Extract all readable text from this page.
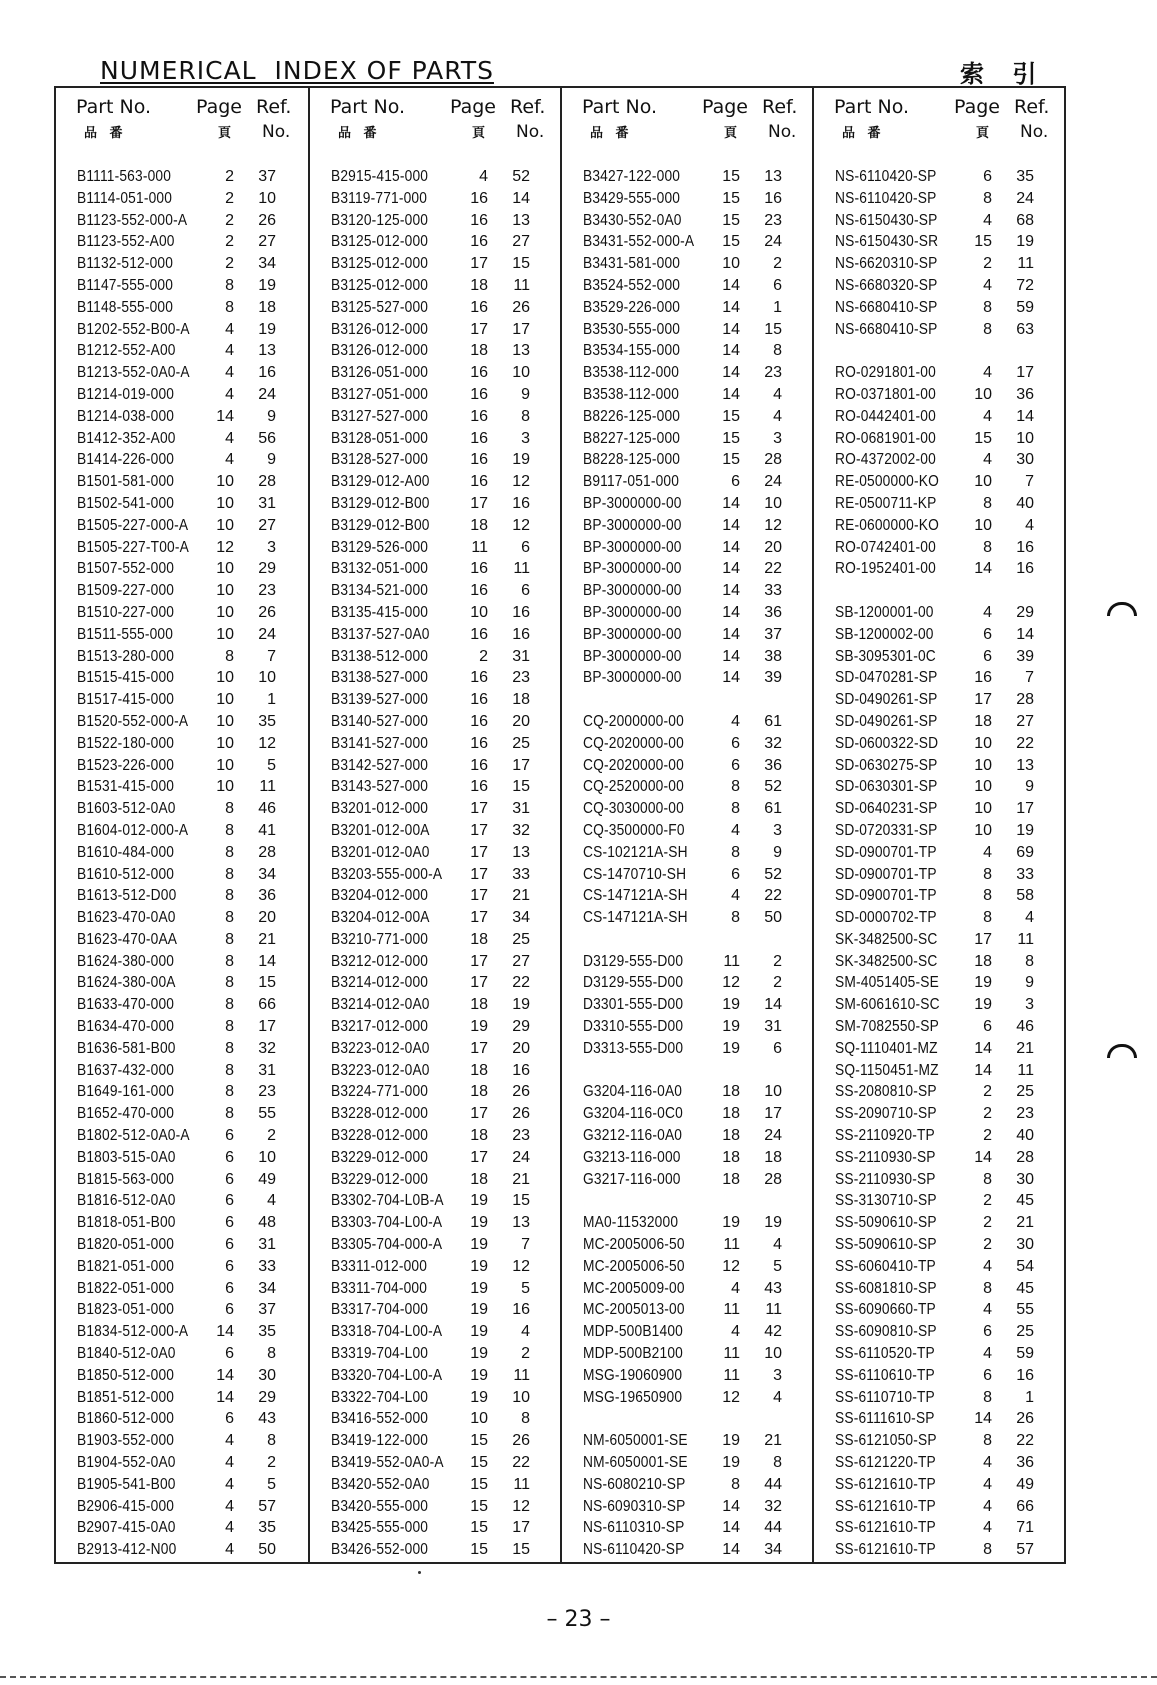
NUMERICAL  INDEX OF PARTS	索 引
Part No. Page Ref.
品 番	頁 No.
B1111-563-000	2	37
B1114-051-000	2	10
B1123-552-000-A	2	26
B1123-552-A00	2	27
B1132-512-000	2	34
B1147-555-000	8	19
B1148-555-000	8	18
B1202-552-B00-A	4	19
B1212-552-A00	4	13
B1213-552-0A0-A	4	16
B1214-019-000	4	24
B1214-038-000	14	9
B1412-352-A00	4	56
B1414-226-000	4	9
B1501-581-000	10	28
B1502-541-000	10	31
B1505-227-000-A	10	27
B1505-227-T00-A	12	3
B1507-552-000	10	29
B1509-227-000	10	23
B1510-227-000	10	26
B1511-555-000	10	24
B1513-280-000	8	7
B1515-415-000	10	10
B1517-415-000	10	1
B1520-552-000-A	10	35
B1522-180-000	10	12
B1523-226-000	10	5
B1531-415-000	10	11
B1603-512-0A0	8	46
B1604-012-000-A	8	41
B1610-484-000	8	28
B1610-512-000	8	34
B1613-512-D00	8	36
B1623-470-0A0	8	20
B1623-470-0AA	8	21
B1624-380-000	8	14
B1624-380-00A	8	15
B1633-470-000	8	66
B1634-470-000	8	17
B1636-581-B00	8	32
B1637-432-000	8	31
B1649-161-000	8	23
B1652-470-000	8	55
B1802-512-0A0-A	6	2
B1803-515-0A0	6	10
B1815-563-000	6	49
B1816-512-0A0	6	4
B1818-051-B00	6	48
B1820-051-000	6	31
B1821-051-000	6	33
B1822-051-000	6	34
B1823-051-000	6	37
B1834-512-000-A	14	35
B1840-512-0A0	6	8
B1850-512-000	14	30
B1851-512-000	14	29
B1860-512-000	6	43
B1903-552-000	4	8
B1904-552-0A0	4	2
B1905-541-B00	4	5
B2906-415-000	4	57
B2907-415-0A0	4	35
B2913-412-N00	4	50
Part No. Page Ref.
品 番	頁 No.
B2915-415-000	4	52
B3119-771-000	16	14
B3120-125-000	16	13
B3125-012-000	16	27
B3125-012-000	17	15
B3125-012-000	18	11
B3125-527-000	16	26
B3126-012-000	17	17
B3126-012-000	18	13
B3126-051-000	16	10
B3127-051-000	16	9
B3127-527-000	16	8
B3128-051-000	16	3
B3128-527-000	16	19
B3129-012-A00	16	12
B3129-012-B00	17	16
B3129-012-B00	18	12
B3129-526-000	11	6
B3132-051-000	16	11
B3134-521-000	16	6
B3135-415-000	10	16
B3137-527-0A0	16	16
B3138-512-000	2	31
B3138-527-000	16	23
B3139-527-000	16	18
B3140-527-000	16	20
B3141-527-000	16	25
B3142-527-000	16	17
B3143-527-000	16	15
B3201-012-000	17	31
B3201-012-00A	17	32
B3201-012-0A0	17	13
B3203-555-000-A	17	33
B3204-012-000	17	21
B3204-012-00A	17	34
B3210-771-000	18	25
B3212-012-000	17	27
B3214-012-000	17	22
B3214-012-0A0	18	19
B3217-012-000	19	29
B3223-012-0A0	17	20
B3223-012-0A0	18	16
B3224-771-000	18	26
B3228-012-000	17	26
B3228-012-000	18	23
B3229-012-000	17	24
B3229-012-000	18	21
B3302-704-L0B-A	19	15
B3303-704-L00-A	19	13
B3305-704-000-A	19	7
B3311-012-000	19	12
B3311-704-000	19	5
B3317-704-000	19	16
B3318-704-L00-A	19	4
B3319-704-L00	19	2
B3320-704-L00-A	19	11
B3322-704-L00	19	10
B3416-552-000	10	8
B3419-122-000	15	26
B3419-552-0A0-A	15	22
B3420-552-0A0	15	11
B3420-555-000	15	12
B3425-555-000	15	17
B3426-552-000	15	15
Part No. Page Ref.
品 番	頁 No.
B3427-122-000	15	13
B3429-555-000	15	16
B3430-552-0A0	15	23
B3431-552-000-A	15	24
B3431-581-000	10	2
B3524-552-000	14	6
B3529-226-000	14	1
B3530-555-000	14	15
B3534-155-000	14	8
B3538-112-000	14	23
B3538-112-000	14	4
B8226-125-000	15	4
B8227-125-000	15	3
B8228-125-000	15	28
B9117-051-000	6	24
BP-3000000-00	14	10
BP-3000000-00	14	12
BP-3000000-00	14	20
BP-3000000-00	14	22
BP-3000000-00	14	33
BP-3000000-00	14	36
BP-3000000-00	14	37
BP-3000000-00	14	38
BP-3000000-00	14	39
CQ-2000000-00	4	61
CQ-2020000-00	6	32
CQ-2020000-00	6	36
CQ-2520000-00	8	52
CQ-3030000-00	8	61
CQ-3500000-F0	4	3
CS-102121A-SH	8	9
CS-1470710-SH	6	52
CS-147121A-SH	4	22
CS-147121A-SH	8	50
D3129-555-D00	11	2
D3129-555-D00	12	2
D3301-555-D00	19	14
D3310-555-D00	19	31
D3313-555-D00	19	6
G3204-116-0A0	18	10
G3204-116-0C0	18	17
G3212-116-0A0	18	24
G3213-116-000	18	18
G3217-116-000	18	28
MA0-11532000	19	19
MC-2005006-50	11	4
MC-2005006-50	12	5
MC-2005009-00	4	43
MC-2005013-00	11	11
MDP-500B1400	4	42
MDP-500B2100	11	10
MSG-19060900	11	3
MSG-19650900	12	4
NM-6050001-SE	19	21
NM-6050001-SE	19	8
NS-6080210-SP	8	44
NS-6090310-SP	14	32
NS-6110310-SP	14	44
NS-6110420-SP	14	34
Part No. Page Ref.
品 番	頁 No.
NS-6110420-SP	6	35
NS-6110420-SP	8	24
NS-6150430-SP	4	68
NS-6150430-SR	15	19
NS-6620310-SP	2	11
NS-6680320-SP	4	72
NS-6680410-SP	8	59
NS-6680410-SP	8	63
RO-0291801-00	4	17
RO-0371801-00	10	36
RO-0442401-00	4	14
RO-0681901-00	15	10
RO-4372002-00	4	30
RE-0500000-KO	10	7
RE-0500711-KP	8	40
RE-0600000-KO	10	4
RO-0742401-00	8	16
RO-1952401-00	14	16
SB-1200001-00	4	29
SB-1200002-00	6	14
SB-3095301-0C	6	39
SD-0470281-SP	16	7
SD-0490261-SP	17	28
SD-0490261-SP	18	27
SD-0600322-SD	10	22
SD-0630275-SP	10	13
SD-0630301-SP	10	9
SD-0640231-SP	10	17
SD-0720331-SP	10	19
SD-0900701-TP	4	69
SD-0900701-TP	8	33
SD-0900701-TP	8	58
SD-0000702-TP	8	4
SK-3482500-SC	17	11
SK-3482500-SC	18	8
SM-4051405-SE	19	9
SM-6061610-SC	19	3
SM-7082550-SP	6	46
SQ-1110401-MZ	14	21
SQ-1150451-MZ	14	11
SS-2080810-SP	2	25
SS-2090710-SP	2	23
SS-2110920-TP	2	40
SS-2110930-SP	14	28
SS-2110930-SP	8	30
SS-3130710-SP	2	45
SS-5090610-SP	2	21
SS-5090610-SP	2	30
SS-6060410-TP	4	54
SS-6081810-SP	8	45
SS-6090660-TP	4	55
SS-6090810-SP	6	25
SS-6110520-TP	4	59
SS-6110610-TP	6	16
SS-6110710-TP	8	1
SS-6111610-SP	14	26
SS-6121050-SP	8	22
SS-6121220-TP	4	36
SS-6121610-TP	4	49
SS-6121610-TP	4	66
SS-6121610-TP	4	71
SS-6121610-TP	8	57
– 23 –
